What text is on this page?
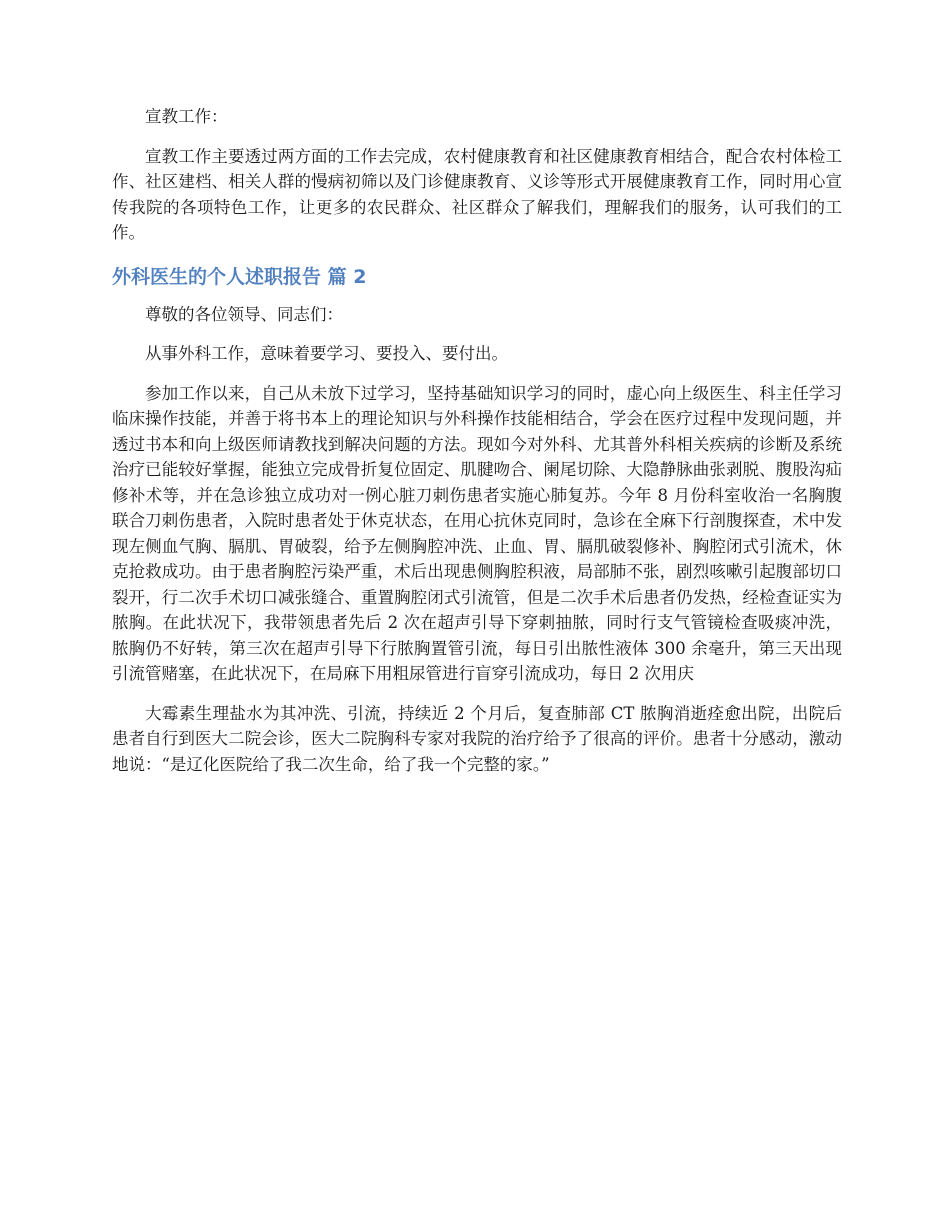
宣教工作：

宣教工作主要透过两方面的工作去完成，农村健康教育和社区健康教育相结合，配合农村体检工作、社区建档、相关人群的慢病初筛以及门诊健康教育、义诊等形式开展健康教育工作，同时用心宣传我院的各项特色工作，让更多的农民群众、社区群众了解我们，理解我们的服务，认可我们的工作。

外科医生的个人述职报告 篇 2

尊敬的各位领导、同志们：

从事外科工作，意味着要学习、要投入、要付出。

参加工作以来，自己从未放下过学习，坚持基础知识学习的同时，虚心向上级医生、科主任学习临床操作技能，并善于将书本上的理论知识与外科操作技能相结合，学会在医疗过程中发现问题，并透过书本和向上级医师请教找到解决问题的方法。现如今对外科、尤其普外科相关疾病的诊断及系统治疗已能较好掌握，能独立完成骨折复位固定、肌腱吻合、阑尾切除、大隐静脉曲张剥脱、腹股沟疝修补术等，并在急诊独立成功对一例心脏刀刺伤患者实施心肺复苏。今年 8 月份科室收治一名胸腹联合刀刺伤患者，入院时患者处于休克状态，在用心抗休克同时，急诊在全麻下行剖腹探查，术中发现左侧血气胸、膈肌、胃破裂，给予左侧胸腔冲洗、止血、胃、膈肌破裂修补、胸腔闭式引流术，休克抢救成功。由于患者胸腔污染严重，术后出现患侧胸腔积液，局部肺不张，剧烈咳嗽引起腹部切口裂开，行二次手术切口减张缝合、重置胸腔闭式引流管，但是二次手术后患者仍发热，经检查证实为脓胸。在此状况下，我带领患者先后 2 次在超声引导下穿刺抽脓，同时行支气管镜检查吸痰冲洗，脓胸仍不好转，第三次在超声引导下行脓胸置管引流，每日引出脓性液体 300 余毫升，第三天出现引流管赌塞，在此状况下，在局麻下用粗尿管进行盲穿引流成功，每日 2 次用庆

大霉素生理盐水为其冲洗、引流，持续近 2 个月后，复查肺部 CT 脓胸消逝痊愈出院，出院后患者自行到医大二院会诊，医大二院胸科专家对我院的治疗给予了很高的评价。患者十分感动，激动地说：“是辽化医院给了我二次生命，给了我一个完整的家。”
